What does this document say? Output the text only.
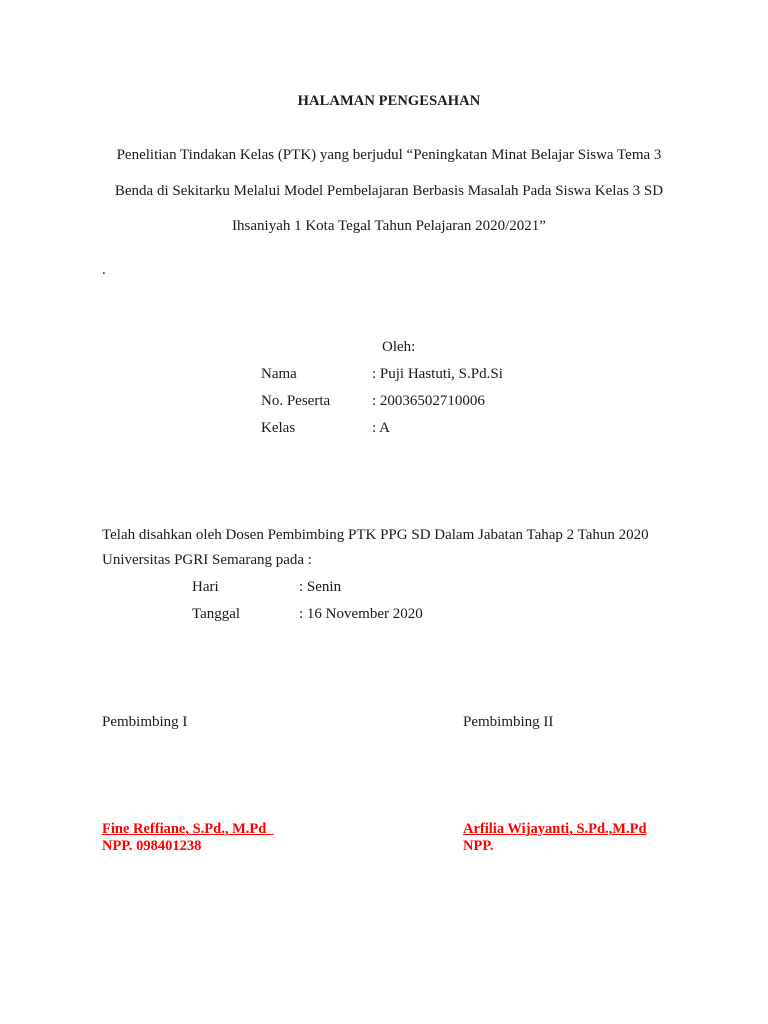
HALAMAN PENGESAHAN
Penelitian Tindakan Kelas (PTK) yang berjudul “Peningkatan Minat Belajar Siswa Tema 3
Benda di Sekitarku Melalui Model Pembelajaran Berbasis Masalah Pada Siswa Kelas 3 SD
Ihsaniyah 1 Kota Tegal Tahun Pelajaran 2020/2021”
.
Oleh:
Nama	: Puji Hastuti, S.Pd.Si
No. Peserta	: 20036502710006
Kelas	: A
Telah disahkan oleh Dosen Pembimbing PTK PPG SD Dalam Jabatan Tahap 2 Tahun 2020
Universitas PGRI Semarang pada :
Hari	: Senin
Tanggal	: 16 November 2020
Pembimbing I	Pembimbing II
Fine Reffiane, S.Pd., M.Pd
NPP. 098401238
Arfilia Wijayanti, S.Pd.,M.Pd
NPP.
